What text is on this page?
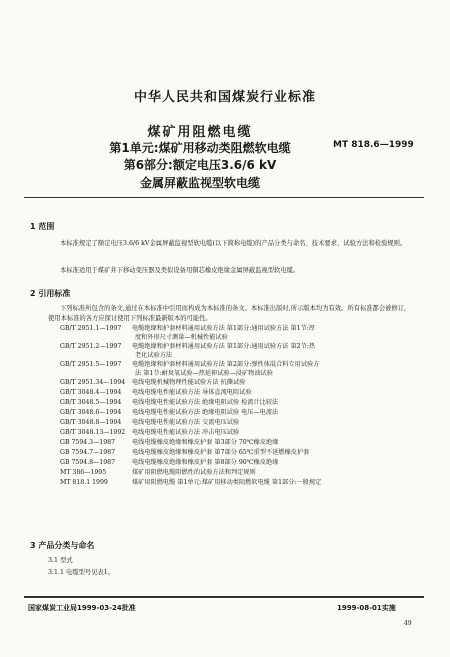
中华人民共和国煤炭行业标准
煤矿用阻燃电缆
第1单元:煤矿用移动类阻燃软电缆	MT 818.6—1999
第6部分:额定电压3.6/6 kV
金属屏蔽监视型软电缆
1 范围
本标准规定了额定电压3.6/6 kV金属屏蔽监视型软电缆(以下简称电缆)的产品分类与命名、技术要求、试验方法和检验规则。
本标准适用于煤矿井下移动变压器及类似设备用铜芯橡皮绝缘金属屏蔽监视型软电缆。
2 引用标准
下列标准所包含的条文,通过在本标准中引用而构成为本标准的条文。本标准出版时,所示版本均为有效。所有标准都会被修订,使用本标准的各方应探讨使用下列标准最新版本的可能性。
GB/T 2951.1—1997 电缆绝缘和护套材料通用试验方法 第1部分:通用试验方法 第1节:厚
度和外形尺寸测量—机械性能试验
GB/T 2951.2—1997 电缆绝缘和护套材料通用试验方法 第1部分:通用试验方法 第2节:热
老化试验方法
GB/T 2951.5—1997 电缆绝缘和护套材料通用试验方法 第2部分:弹性体混合料专用试验方
法 第1节:耐臭氧试验—热延伸试验—浸矿物油试验
GB/T 2951.34—1994 电线电缆机械物理性能试验方法 抗撕试验
GB/T 3048.4—1994 电线电缆电性能试验方法 导体直流电阻试验
GB/T 3048.5—1994 电线电缆电性能试验方法 绝缘电阻试验 检流计比较法
GB/T 3048.6—1994 电线电缆电性能试验方法 绝缘电阻试验 电压—电流法
GB/T 3048.8—1994 电线电缆电性能试验方法 交流电压试验
GB/T 3048.13—1992 电线电缆电性能试验方法 冲击电压试验
GB 7594.3—1987	电线电缆橡皮绝缘和橡皮护套 第3部分 70℃橡皮绝缘
GB 7594.7—1987	电线电缆橡皮绝缘和橡皮护套 第7部分 65℃重型不延燃橡皮护套
GB 7594.8—1987	电线电缆橡皮绝缘和橡皮护套 第8部分 90℃橡皮绝缘
MT 386—1995	煤矿用阻燃电缆阻燃性的试验方法和判定规则
MT 818.1 1999	煤矿用阻燃电缆 第1单元:煤矿用移动类阻燃软电缆 第1部分:一般规定
3 产品分类与命名
3.1 型式
3.1.1 电缆型号见表1。
国家煤炭工业局1999-03-24批准	1999-08-01实施
49
